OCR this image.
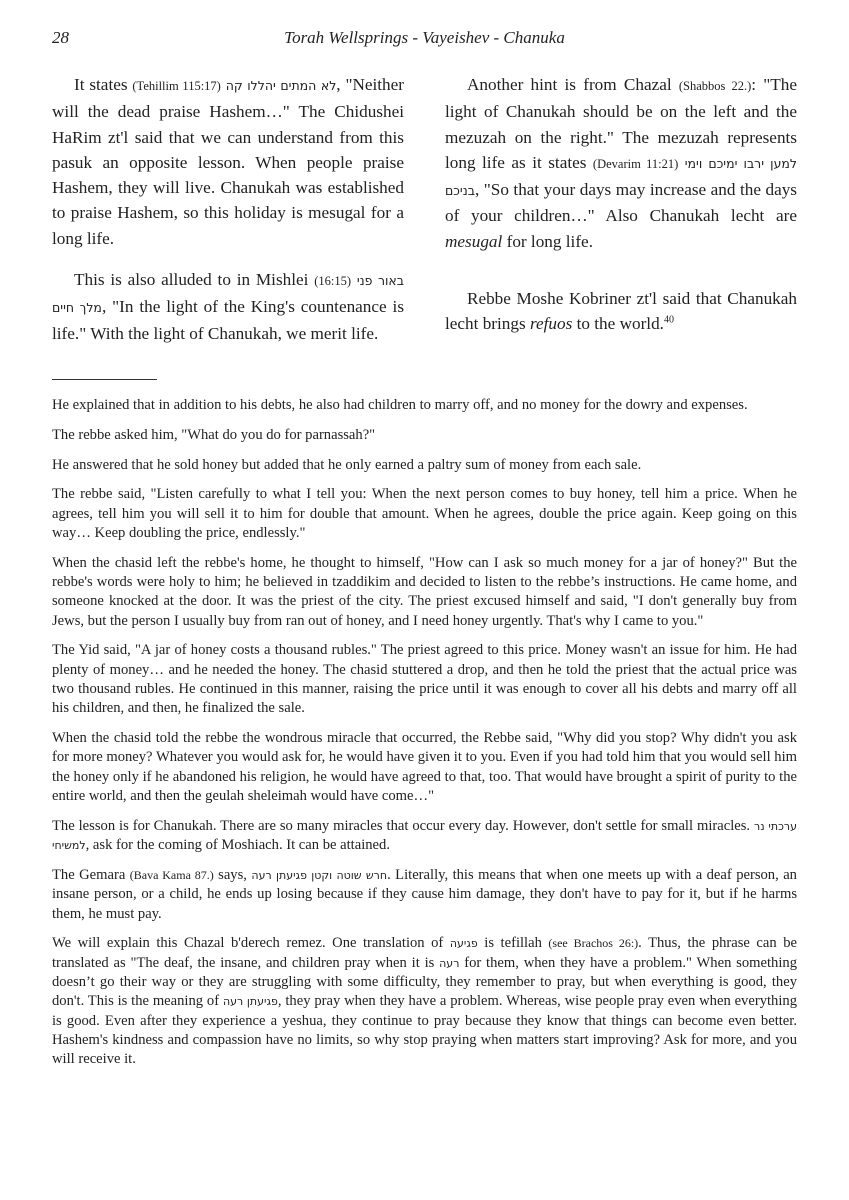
28	Torah Wellsprings - Vayeishev - Chanuka

It states (Tehillim 115:17) לא המתים יהללו קה, "Neither will the dead praise Hashem…" The Chidushei HaRim zt'l said that we can understand from this pasuk an opposite lesson. When people praise Hashem, they will live. Chanukah was established to praise Hashem, so this holiday is mesugal for a long life.

This is also alluded to in Mishlei (16:15) באור פני מלך חיים, "In the light of the King's countenance is life." With the light of Chanukah, we merit life.

Another hint is from Chazal (Shabbos 22.): "The light of Chanukah should be on the left and the mezuzah on the right." The mezuzah represents long life as it states (Devarim 11:21) למען ירבו ימיכם וימי בניכם, "So that your days may increase and the days of your children…" Also Chanukah lecht are mesugal for long life.

Rebbe Moshe Kobriner zt'l said that Chanukah lecht brings refuos to the world.$^{40}$

He explained that in addition to his debts, he also had children to marry off, and no money for the dowry and expenses.

The rebbe asked him, "What do you do for parnassah?"

He answered that he sold honey but added that he only earned a paltry sum of money from each sale.

The rebbe said, "Listen carefully to what I tell you: When the next person comes to buy honey, tell him a price. When he agrees, tell him you will sell it to him for double that amount. When he agrees, double the price again. Keep going on this way… Keep doubling the price, endlessly."

When the chasid left the rebbe's home, he thought to himself, "How can I ask so much money for a jar of honey?" But the rebbe's words were holy to him; he believed in tzaddikim and decided to listen to the rebbe’s instructions. He came home, and someone knocked at the door. It was the priest of the city. The priest excused himself and said, "I don't generally buy from Jews, but the person I usually buy from ran out of honey, and I need honey urgently. That's why I came to you."

The Yid said, "A jar of honey costs a thousand rubles." The priest agreed to this price. Money wasn't an issue for him. He had plenty of money… and he needed the honey. The chasid stuttered a drop, and then he told the priest that the actual price was two thousand rubles. He continued in this manner, raising the price until it was enough to cover all his debts and marry off all his children, and then, he finalized the sale.

When the chasid told the rebbe the wondrous miracle that occurred, the Rebbe said, "Why did you stop? Why didn't you ask for more money? Whatever you would ask for, he would have given it to you. Even if you had told him that you would sell him the honey only if he abandoned his religion, he would have agreed to that, too. That would have brought a spirit of purity to the entire world, and then the geulah sheleimah would have come…"

The lesson is for Chanukah. There are so many miracles that occur every day. However, don't settle for small miracles. ערכתי נר למשיחי, ask for the coming of Moshiach. It can be attained.

The Gemara (Bava Kama 87.) says, חרש שוטה וקטן פגיעתן רעה. Literally, this means that when one meets up with a deaf person, an insane person, or a child, he ends up losing because if they cause him damage, they don't have to pay for it, but if he harms them, he must pay.

We will explain this Chazal b'derech remez. One translation of פגיעה is tefillah (see Brachos 26:). Thus, the phrase can be translated as "The deaf, the insane, and children pray when it is רעה for them, when they have a problem." When something doesn’t go their way or they are struggling with some difficulty, they remember to pray, but when everything is good, they don't. This is the meaning of פגיעתן רעה, they pray when they have a problem. Whereas, wise people pray even when everything is good. Even after they experience a yeshua, they continue to pray because they know that things can become even better. Hashem's kindness and compassion have no limits, so why stop praying when matters start improving? Ask for more, and you will receive it.
